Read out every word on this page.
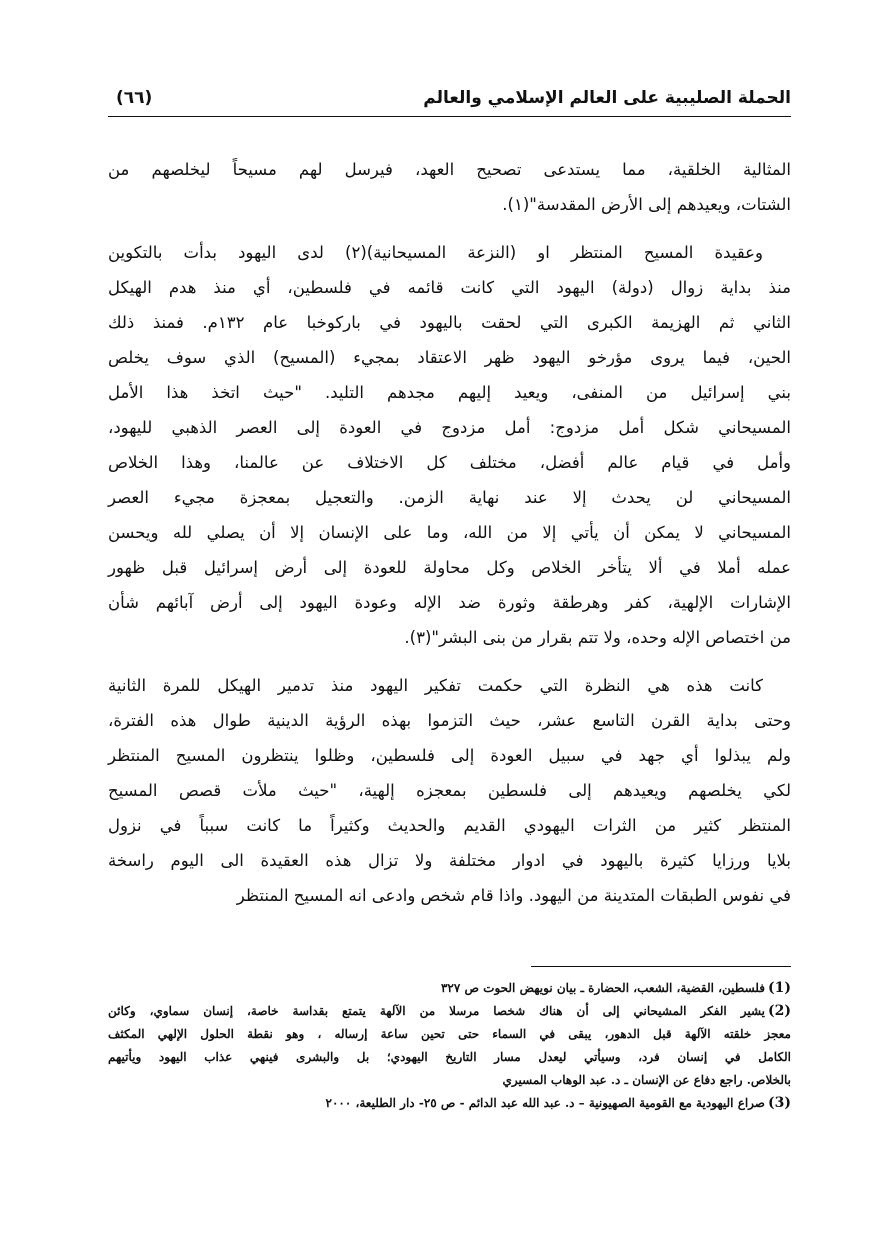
الحملة الصليبية على العالم الإسلامي والعالم
(٦٦)
المثالية الخلقية، مما يستدعى تصحيح العهد، فيرسل لهم مسيحاً ليخلصهم من
الشتات، ويعيدهم إلى الأرض المقدسة"(١).
وعقيدة المسيح المنتظر او (النزعة المسيحانية)(٢) لدى اليهود بدأت بالتكوين
منذ بداية زوال (دولة) اليهود التي كانت قائمه في فلسطين، أي منذ هدم الهيكل
الثاني ثم الهزيمة الكبرى التي لحقت باليهود في باركوخبا عام ١٣٢م. فمنذ ذلك
الحين، فيما يروى مؤرخو اليهود ظهر الاعتقاد بمجيء (المسيح) الذي سوف يخلص
بني إسرائيل من المنفى، ويعيد إليهم مجدهم التليد. "حيث اتخذ هذا الأمل
المسيحاني شكل أمل مزدوج: أمل مزدوج في العودة إلى العصر الذهبي لليهود،
وأمل في قيام عالم أفضل، مختلف كل الاختلاف عن عالمنا، وهذا الخلاص
المسيحاني لن يحدث إلا عند نهاية الزمن. والتعجيل بمعجزة مجيء العصر
المسيحاني لا يمكن أن يأتي إلا من الله، وما على الإنسان إلا أن يصلي لله ويحسن
عمله أملا في ألا يتأخر الخلاص وكل محاولة للعودة إلى أرض إسرائيل قبل ظهور
الإشارات الإلهية، كفر وهرطقة وثورة ضد الإله وعودة اليهود إلى أرض آبائهم شأن
من اختصاص الإله وحده، ولا تتم بقرار من بنى البشر"(٣).
كانت هذه هي النظرة التي حكمت تفكير اليهود منذ تدمير الهيكل للمرة الثانية
وحتى بداية القرن التاسع عشر، حيث التزموا بهذه الرؤية الدينية طوال هذه الفترة،
ولم يبذلوا أي جهد في سبيل العودة إلى فلسطين، وظلوا ينتظرون المسيح المنتظر
لكي يخلصهم ويعيدهم إلى فلسطين بمعجزه إلهية، "حيث ملأت قصص المسيح
المنتظر كثير من الثرات اليهودي القديم والحديث وكثيراً ما كانت سبباً في نزول
بلايا ورزايا كثيرة باليهود في ادوار مختلفة ولا تزال هذه العقيدة الى اليوم راسخة
في نفوس الطبقات المتدينة من اليهود. واذا قام شخص وادعى انه المسيح المنتظر
(1)فلسطين، القضية، الشعب، الحضارة ـ بيان نويهض الحوت ص ٣٢٧
(2)يشير الفكر المشيحاني إلى أن هناك شخصا مرسلا من الآلهة يتمتع بقداسة خاصة، إنسان سماوي، وكائن
معجز خلقته الآلهة قبل الدهور، يبقى في السماء حتى تحين ساعة إرساله ، وهو نقطة الحلول الإلهي المكثف
الكامل في إنسان فرد، وسيأتي ليعدل مسار التاريخ اليهودي؛ بل والبشرى فينهي عذاب اليهود ويأتيهم
بالخلاص. راجع دفاع عن الإنسان ـ د. عبد الوهاب المسيري
(3)صراع اليهودية مع القومية الصهيونية – د. عبد الله عبد الدائم - ص ٢٥- دار الطليعة، ٢٠٠٠
